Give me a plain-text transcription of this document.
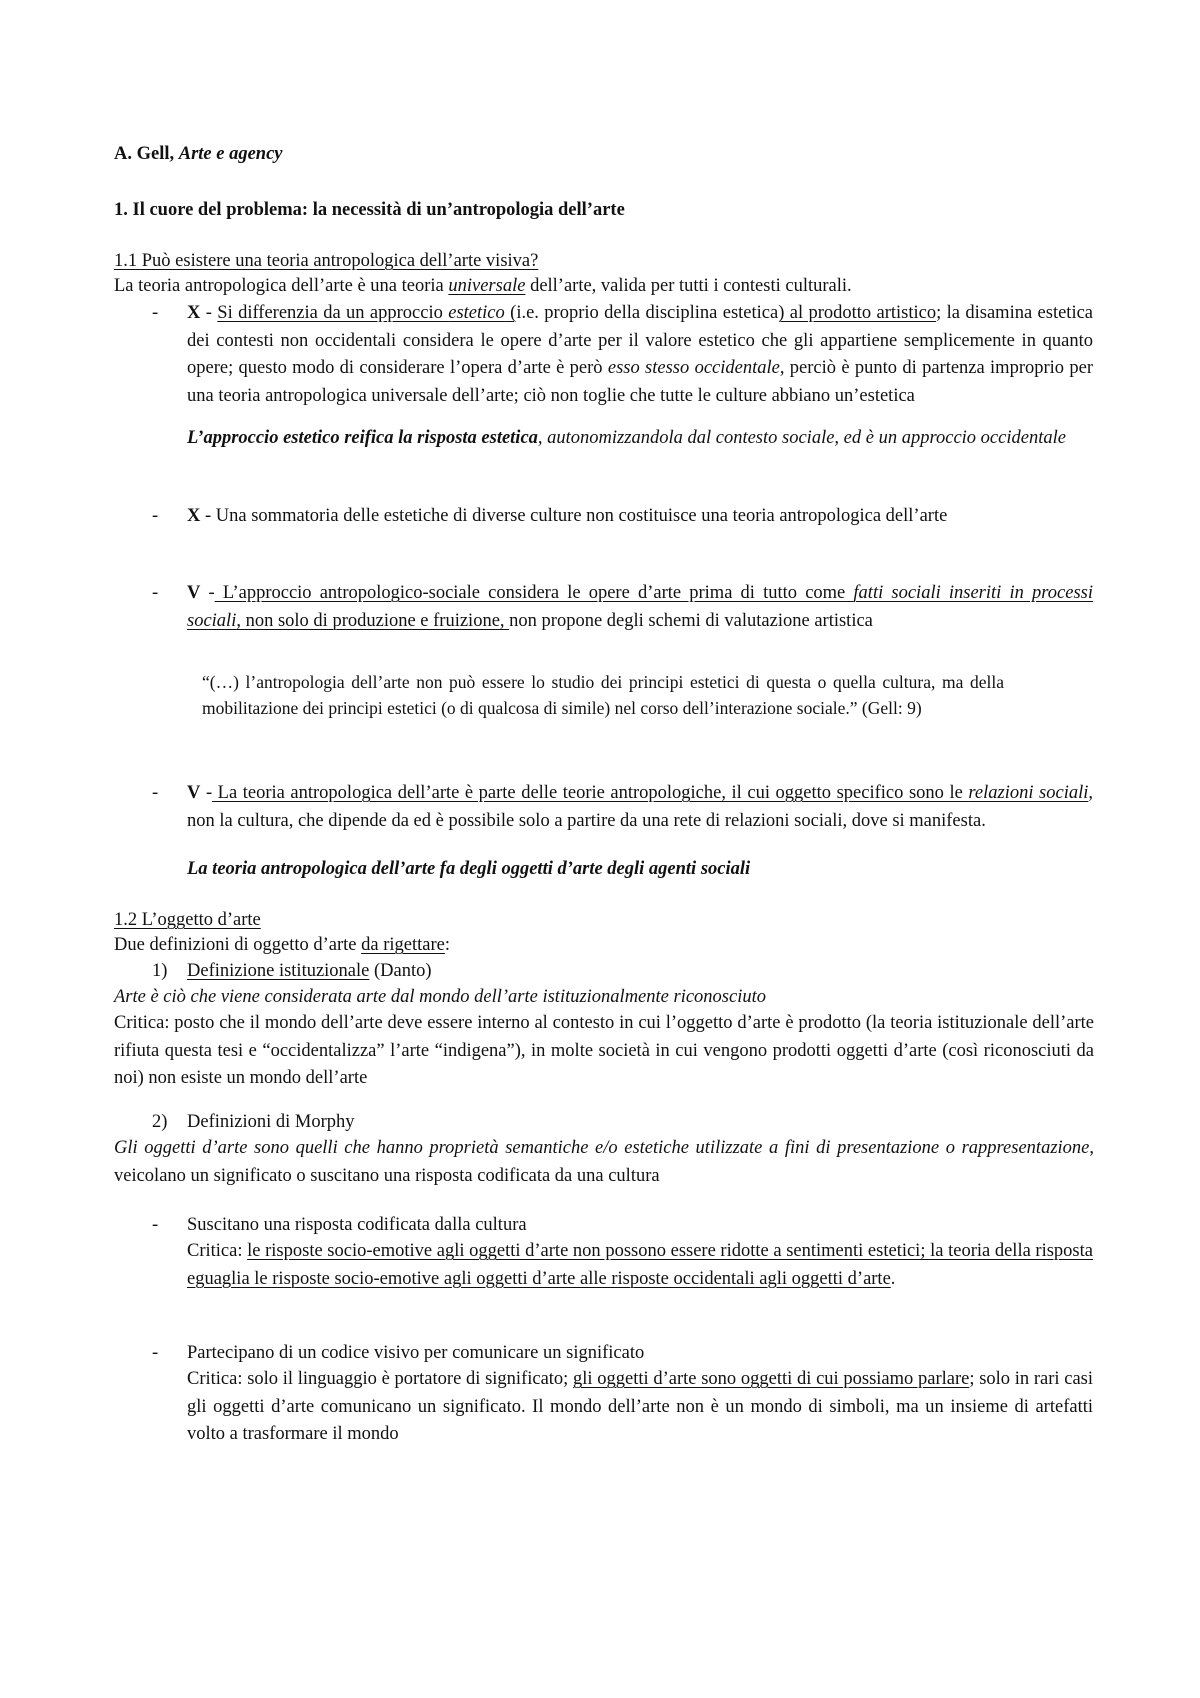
A. Gell, Arte e agency
1. Il cuore del problema: la necessità di un’antropologia dell’arte
1.1 Può esistere una teoria antropologica dell’arte visiva?
La teoria antropologica dell’arte è una teoria universale dell’arte, valida per tutti i contesti culturali.
- X - Si differenzia da un approccio estetico (i.e. proprio della disciplina estetica) al prodotto artistico; la disamina estetica dei contesti non occidentali considera le opere d’arte per il valore estetico che gli appartiene semplicemente in quanto opere; questo modo di considerare l’opera d’arte è però esso stesso occidentale, perciò è punto di partenza improprio per una teoria antropologica universale dell’arte; ciò non toglie che tutte le culture abbiano un’estetica
L’approccio estetico reifica la risposta estetica, autonomizzandola dal contesto sociale, ed è un approccio occidentale
- X - Una sommatoria delle estetiche di diverse culture non costituisce una teoria antropologica dell’arte
- V - L’approccio antropologico-sociale considera le opere d’arte prima di tutto come fatti sociali inseriti in processi sociali, non solo di produzione e fruizione, non propone degli schemi di valutazione artistica
“(…) l’antropologia dell’arte non può essere lo studio dei principi estetici di questa o quella cultura, ma della mobilitazione dei principi estetici (o di qualcosa di simile) nel corso dell’interazione sociale.” (Gell: 9)
- V - La teoria antropologica dell’arte è parte delle teorie antropologiche, il cui oggetto specifico sono le relazioni sociali, non la cultura, che dipende da ed è possibile solo a partire da una rete di relazioni sociali, dove si manifesta.
La teoria antropologica dell’arte fa degli oggetti d’arte degli agenti sociali
1.2 L’oggetto d’arte
Due definizioni di oggetto d’arte da rigettare:
1) Definizione istituzionale (Danto)
Arte è ciò che viene considerata arte dal mondo dell’arte istituzionalmente riconosciuto
Critica: posto che il mondo dell’arte deve essere interno al contesto in cui l’oggetto d’arte è prodotto (la teoria istituzionale dell’arte rifiuta questa tesi e “occidentalizza” l’arte “indigena”), in molte società in cui vengono prodotti oggetti d’arte (così riconosciuti da noi) non esiste un mondo dell’arte
2) Definizioni di Morphy
Gli oggetti d’arte sono quelli che hanno proprietà semantiche e/o estetiche utilizzate a fini di presentazione o rappresentazione, veicolano un significato o suscitano una risposta codificata da una cultura
- Suscitano una risposta codificata dalla cultura
Critica: le risposte socio-emotive agli oggetti d’arte non possono essere ridotte a sentimenti estetici; la teoria della risposta eguaglia le risposte socio-emotive agli oggetti d’arte alle risposte occidentali agli oggetti d’arte.
- Partecipano di un codice visivo per comunicare un significato
Critica: solo il linguaggio è portatore di significato; gli oggetti d’arte sono oggetti di cui possiamo parlare; solo in rari casi gli oggetti d’arte comunicano un significato. Il mondo dell’arte non è un mondo di simboli, ma un insieme di artefatti volto a trasformare il mondo
